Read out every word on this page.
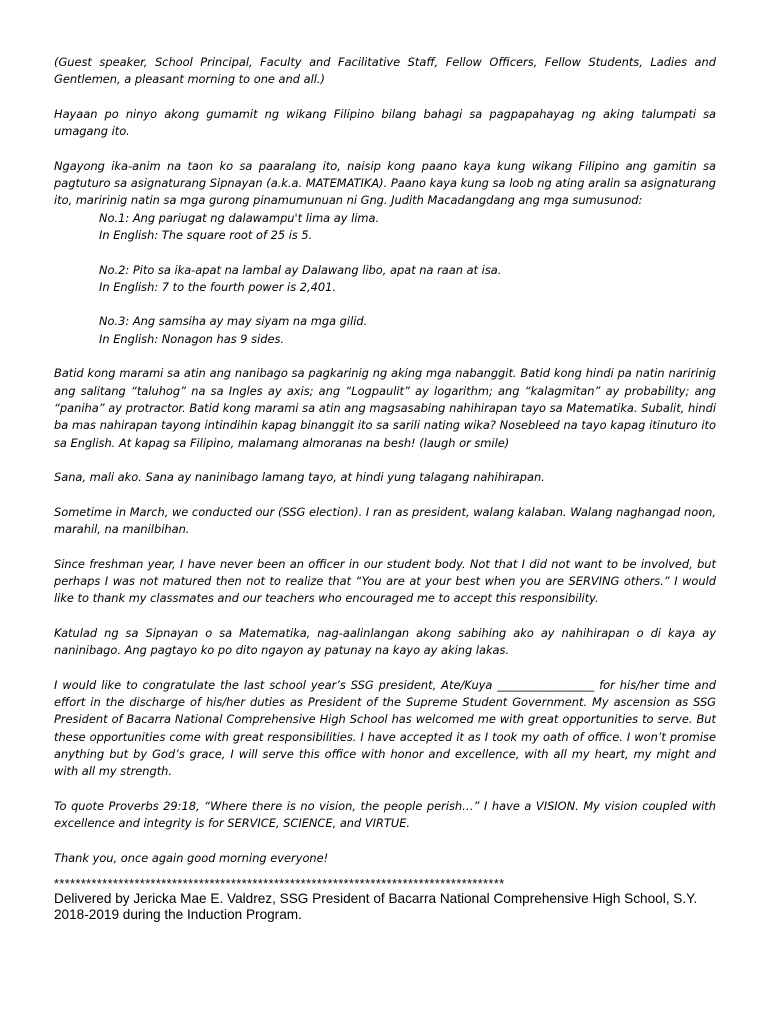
(Guest speaker, School Principal, Faculty and Facilitative Staff, Fellow Officers, Fellow Students, Ladies and Gentlemen, a pleasant morning to one and all.)

Hayaan po ninyo akong gumamit ng wikang Filipino bilang bahagi sa pagpapahayag ng aking talumpati sa umagang ito.

Ngayong ika-anim na taon ko sa paaralang ito, naisip kong paano kaya kung wikang Filipino ang gamitin sa pagtuturo sa asignaturang Sipnayan (a.k.a. MATEMATIKA). Paano kaya kung sa loob ng ating aralin sa asignaturang ito, maririnig natin sa mga gurong pinamumunuan ni Gng. Judith Macadangdang ang mga sumusunod:

No.1: Ang pariugat ng dalawampu't lima ay lima.

In English: The square root of 25 is 5.

No.2: Pito sa ika-apat na lambal ay Dalawang libo, apat na raan at isa.

In English: 7 to the fourth power is 2,401.

No.3: Ang samsiha ay may siyam na mga gilid.

In English: Nonagon has 9 sides.

Batid kong marami sa atin ang nanibago sa pagkarinig ng aking mga nabanggit. Batid kong hindi pa natin naririnig ang salitang “taluhog” na sa Ingles ay axis; ang “Logpaulit” ay logarithm; ang “kalagmitan” ay probability; ang “paniha” ay protractor. Batid kong marami sa atin ang magsasabing nahihirapan tayo sa Matematika. Subalit, hindi ba mas nahirapan tayong intindihin kapag binanggit ito sa sarili nating wika? Nosebleed na tayo kapag itinuturo ito sa English. At kapag sa Filipino, malamang almoranas na besh! (laugh or smile)

Sana, mali ako. Sana ay naninibago lamang tayo, at hindi yung talagang nahihirapan.

Sometime in March, we conducted our (SSG election). I ran as president, walang kalaban. Walang naghangad noon, marahil, na manilbihan.

Since freshman year, I have never been an officer in our student body. Not that I did not want to be involved, but perhaps I was not matured then not to realize that “You are at your best when you are SERVING others.” I would like to thank my classmates and our teachers who encouraged me to accept this responsibility.

Katulad ng sa Sipnayan o sa Matematika, nag-aalinlangan akong sabihing ako ay nahihirapan o di kaya ay naninibago. Ang pagtayo ko po dito ngayon ay patunay na kayo ay aking lakas.

I would like to congratulate the last school year’s SSG president, Ate/Kuya _________________ for his/her time and effort in the discharge of his/her duties as President of the Supreme Student Government. My ascension as SSG President of Bacarra National Comprehensive High School has welcomed me with great opportunities to serve. But these opportunities come with great responsibilities. I have accepted it as I took my oath of office. I won’t promise anything but by God’s grace, I will serve this office with honor and excellence, with all my heart, my might and with all my strength.

To quote Proverbs 29:18, “Where there is no vision, the people perish…” I have a VISION. My vision coupled with excellence and integrity is for SERVICE, SCIENCE, and VIRTUE.

Thank you, once again good morning everyone!

************************************************************************************

Delivered by Jericka Mae E. Valdrez, SSG President of Bacarra National Comprehensive High School, S.Y. 2018-2019 during the Induction Program.
